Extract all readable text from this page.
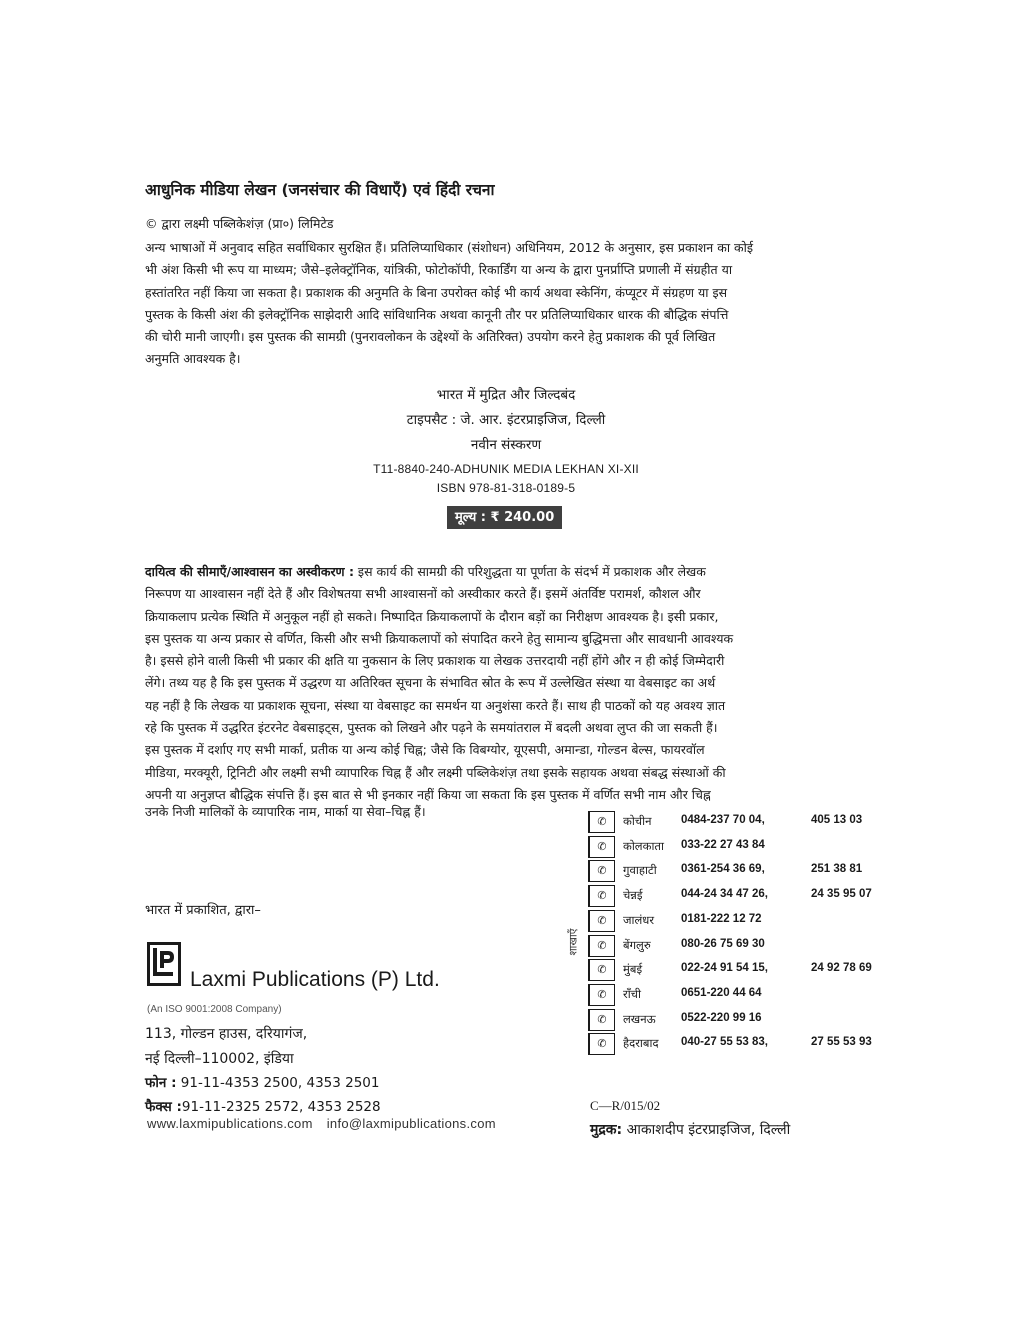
आधुनिक मीडिया लेखन (जनसंचार की विधाएँ) एवं हिंदी रचना
© द्वारा लक्ष्मी पब्लिकेशंज़ (प्रा०) लिमिटेड
अन्य भाषाओं में अनुवाद सहित सर्वाधिकार सुरक्षित हैं। प्रतिलिप्याधिकार (संशोधन) अधिनियम, 2012 के अनुसार, इस प्रकाशन का कोई
भी अंश किसी भी रूप या माध्यम; जैसे–इलेक्ट्रॉनिक, यांत्रिकी, फोटोकॉपी, रिकार्डिंग या अन्य के द्वारा पुनर्प्राप्ति प्रणाली में संग्रहीत या
हस्तांतरित नहीं किया जा सकता है। प्रकाशक की अनुमति के बिना उपरोक्त कोई भी कार्य अथवा स्केनिंग, कंप्यूटर में संग्रहण या इस
पुस्तक के किसी अंश की इलेक्ट्रॉनिक साझेदारी आदि सांविधानिक अथवा कानूनी तौर पर प्रतिलिप्याधिकार धारक की बौद्धिक संपत्ति
की चोरी मानी जाएगी। इस पुस्तक की सामग्री (पुनरावलोकन के उद्देश्यों के अतिरिक्त) उपयोग करने हेतु प्रकाशक की पूर्व लिखित
अनुमति आवश्यक है।
भारत में मुद्रित और जिल्दबंद
टाइपसैट : जे. आर. इंटरप्राइजिज, दिल्ली
नवीन संस्करण
T11-8840-240-ADHUNIK MEDIA LEKHAN XI-XII
ISBN 978-81-318-0189-5
मूल्य : ₹ 240.00
दायित्व की सीमाएँ/आश्वासन का अस्वीकरण : इस कार्य की सामग्री की परिशुद्धता या पूर्णता के संदर्भ में प्रकाशक और लेखक
निरूपण या आश्वासन नहीं देते हैं और विशेषतया सभी आश्वासनों को अस्वीकार करते हैं। इसमें अंतर्विष्ट परामर्श, कौशल और
क्रियाकलाप प्रत्येक स्थिति में अनुकूल नहीं हो सकते। निष्पादित क्रियाकलापों के दौरान बड़ों का निरीक्षण आवश्यक है। इसी प्रकार,
इस पुस्तक या अन्य प्रकार से वर्णित, किसी और सभी क्रियाकलापों को संपादित करने हेतु सामान्य बुद्धिमत्ता और सावधानी आवश्यक
है। इससे होने वाली किसी भी प्रकार की क्षति या नुकसान के लिए प्रकाशक या लेखक उत्तरदायी नहीं होंगे और न ही कोई जिम्मेदारी
लेंगे। तथ्य यह है कि इस पुस्तक में उद्धरण या अतिरिक्त सूचना के संभावित स्रोत के रूप में उल्लेखित संस्था या वेबसाइट का अर्थ
यह नहीं है कि लेखक या प्रकाशक सूचना, संस्था या वेबसाइट का समर्थन या अनुशंसा करते हैं। साथ ही पाठकों को यह अवश्य ज्ञात
रहे कि पुस्तक में उद्धरित इंटरनेट वेबसाइट्स, पुस्तक को लिखने और पढ़ने के समयांतराल में बदली अथवा लुप्त की जा सकती हैं।
इस पुस्तक में दर्शाए गए सभी मार्का, प्रतीक या अन्य कोई चिह्न; जैसे कि विबग्योर, यूएसपी, अमान्डा, गोल्डन बेल्स, फायरवॉल
मीडिया, मरक्यूरी, ट्रिनिटी और लक्ष्मी सभी व्यापारिक चिह्न हैं और लक्ष्मी पब्लिकेशंज़ तथा इसके सहायक अथवा संबद्ध संस्थाओं की
अपनी या अनुज्ञप्त बौद्धिक संपत्ति हैं। इस बात से भी इनकार नहीं किया जा सकता कि इस पुस्तक में वर्णित सभी नाम और चिह्न
उनके निजी मालिकों के व्यापारिक नाम, मार्का या सेवा–चिह्न हैं।
शाखाएँ
✆	कोचीन	0484-237 70 04,	405 13 03
✆	कोलकाता 033-22 27 43 84
✆	गुवाहाटी 0361-254 36 69,	251 38 81
✆	चेन्नई	044-24 34 47 26,	24 35 95 07
✆	जालंधर 0181-222 12 72
✆	बेंगलुरु	080-26 75 69 30
✆	मुंबई	022-24 91 54 15,	24 92 78 69
✆	राँची	0651-220 44 64
✆	लखनऊ 0522-220 99 16
✆	हैदराबाद 040-27 55 53 83,	27 55 53 93
भारत में प्रकाशित, द्वारा–
Laxmi Publications (P) Ltd.
(An ISO 9001:2008 Company)
113, गोल्डन हाउस, दरियागंज,
नई दिल्ली–110002, इंडिया
फोन : 91-11-4353 2500, 4353 2501
फैक्स :91-11-2325 2572, 4353 2528
www.laxmipublications.com info@laxmipublications.com
C—R/015/02
मुद्रक: आकाशदीप इंटरप्राइजिज, दिल्ली
